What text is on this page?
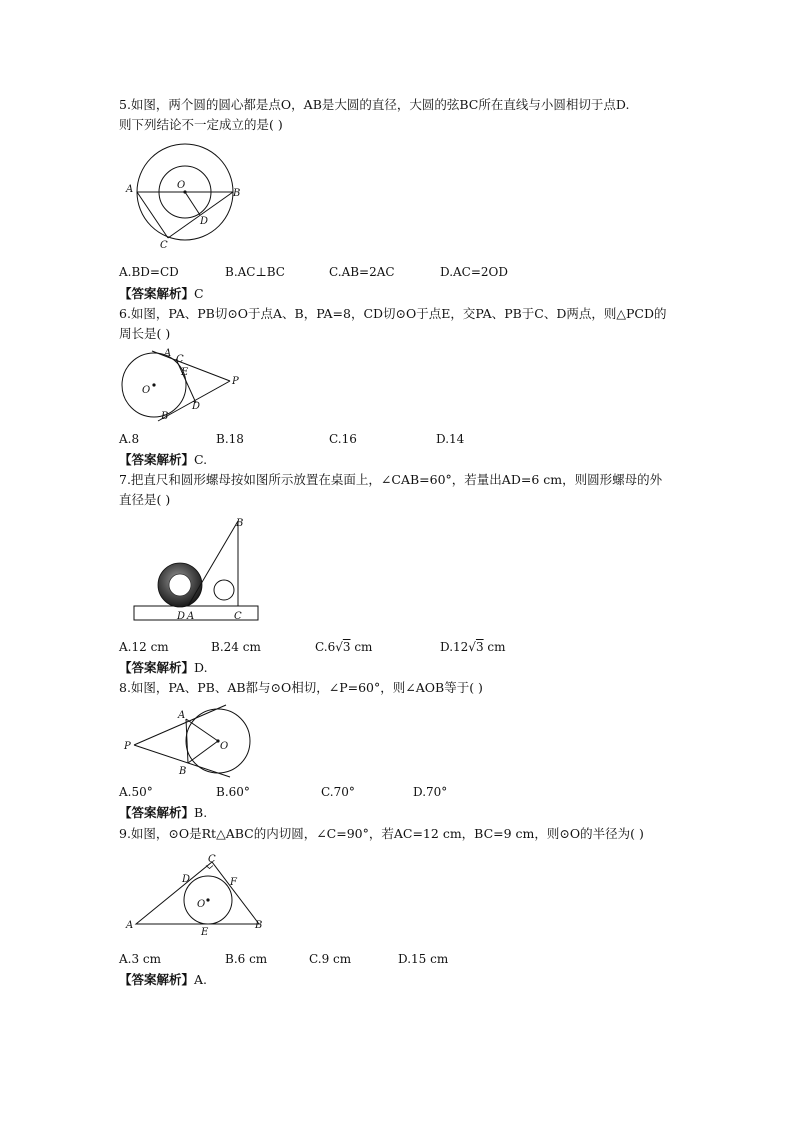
5.如图，两个圆的圆心都是点O，AB是大圆的直径，大圆的弦BC所在直线与小圆相切于点D.
则下列结论不一定成立的是( )
A	B
C
D
O
A.BD=CD	B.AC⊥BC	C.AB=2AC	D.AC=2OD
【答案解析】C
6.如图，PA、PB切⊙O于点A、B，PA=8，CD切⊙O于点E，交PA、PB于C、D两点，则△PCD的
周长是( )
A
B
C
D
E
O
P
A.8	B.18	C.16	D.14
【答案解析】C.
7.把直尺和圆形螺母按如图所示放置在桌面上，∠CAB=60°，若量出AD=6 cm，则圆形螺母的外
直径是( )
B
D A	C
A.12 cm	B.24 cm	C.6√3 cm	D.12√3 cm
【答案解析】D.
8.如图，PA、PB、AB都与⊙O相切，∠P=60°，则∠AOB等于( )
P
A
B
O
A.50°	B.60°	C.70°	D.70°
【答案解析】B.
9.如图，⊙O是Rt△ABC的内切圆，∠C=90°，若AC=12 cm，BC=9 cm，则⊙O的半径为( )
A	B
C
D
E
F
O
A.3 cm	B.6 cm	C.9 cm	D.15 cm
【答案解析】A.
